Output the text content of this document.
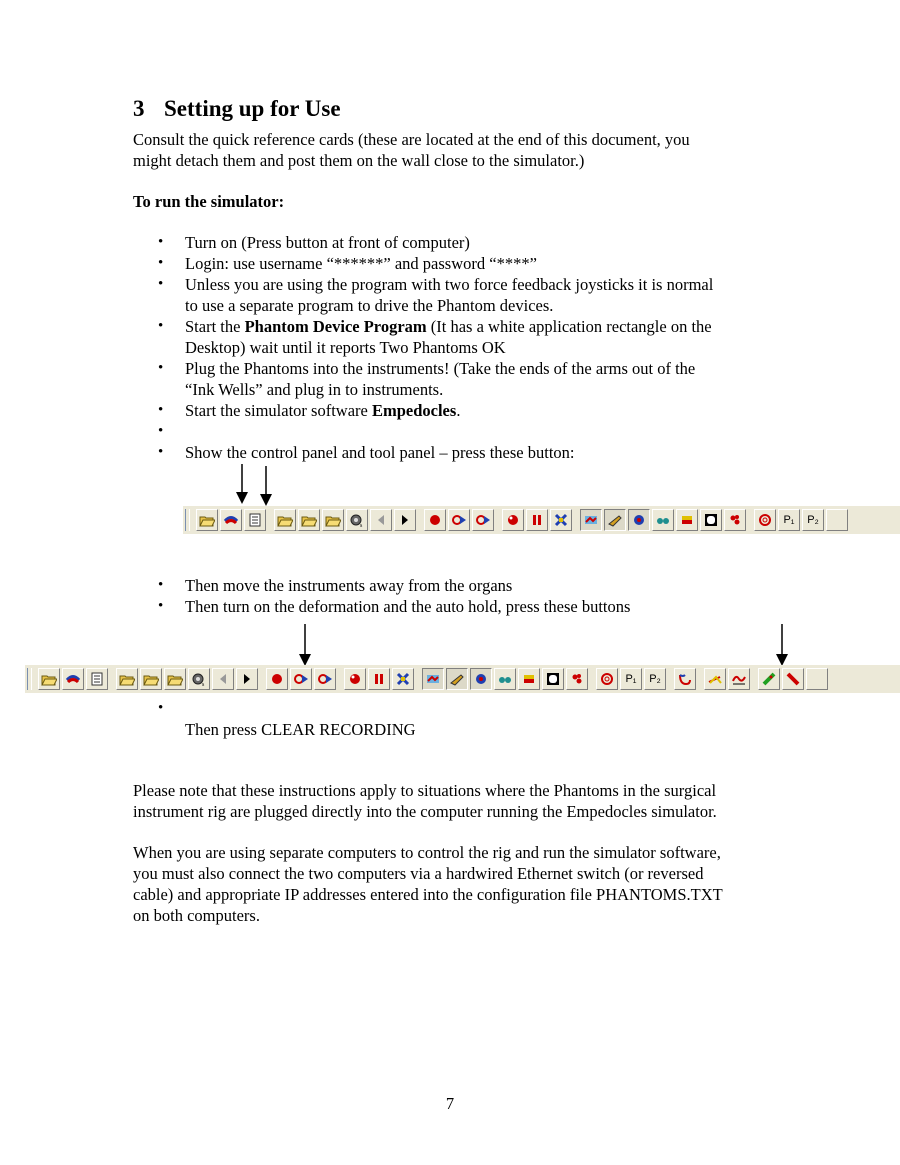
3 Setting up for Use
Consult the quick reference cards (these are located at the end of this document, you
might detach them and post them on the wall close to the simulator.)
To run the simulator:
• Turn on (Press button at front of computer)
• Login: use username “******” and password “****”
• Unless you are using the program with two force feedback joysticks it is normal
to use a separate program to drive the Phantom devices.
• Start the Phantom Device Program (It has a white application rectangle on the
Desktop) wait until it reports Two Phantoms OK
• Plug the Phantoms into the instruments! (Take the ends of the arms out of the
“Ink Wells” and plug in to instruments.
• Start the simulator software Empedocles.
•
• Show the control panel and tool panel – press these button:
s	P₁ P₂
• Then move the instruments away from the organs
• Then turn on the deformation and the auto hold, press these buttons
s	P₁ P₂
•
Then press CLEAR RECORDING
Please note that these instructions apply to situations where the Phantoms in the surgical
instrument rig are plugged directly into the computer running the Empedocles simulator.
When you are using separate computers to control the rig and run the simulator software,
you must also connect the two computers via a hardwired Ethernet switch (or reversed
cable) and appropriate IP addresses entered into the configuration file PHANTOMS.TXT
on both computers.
7
